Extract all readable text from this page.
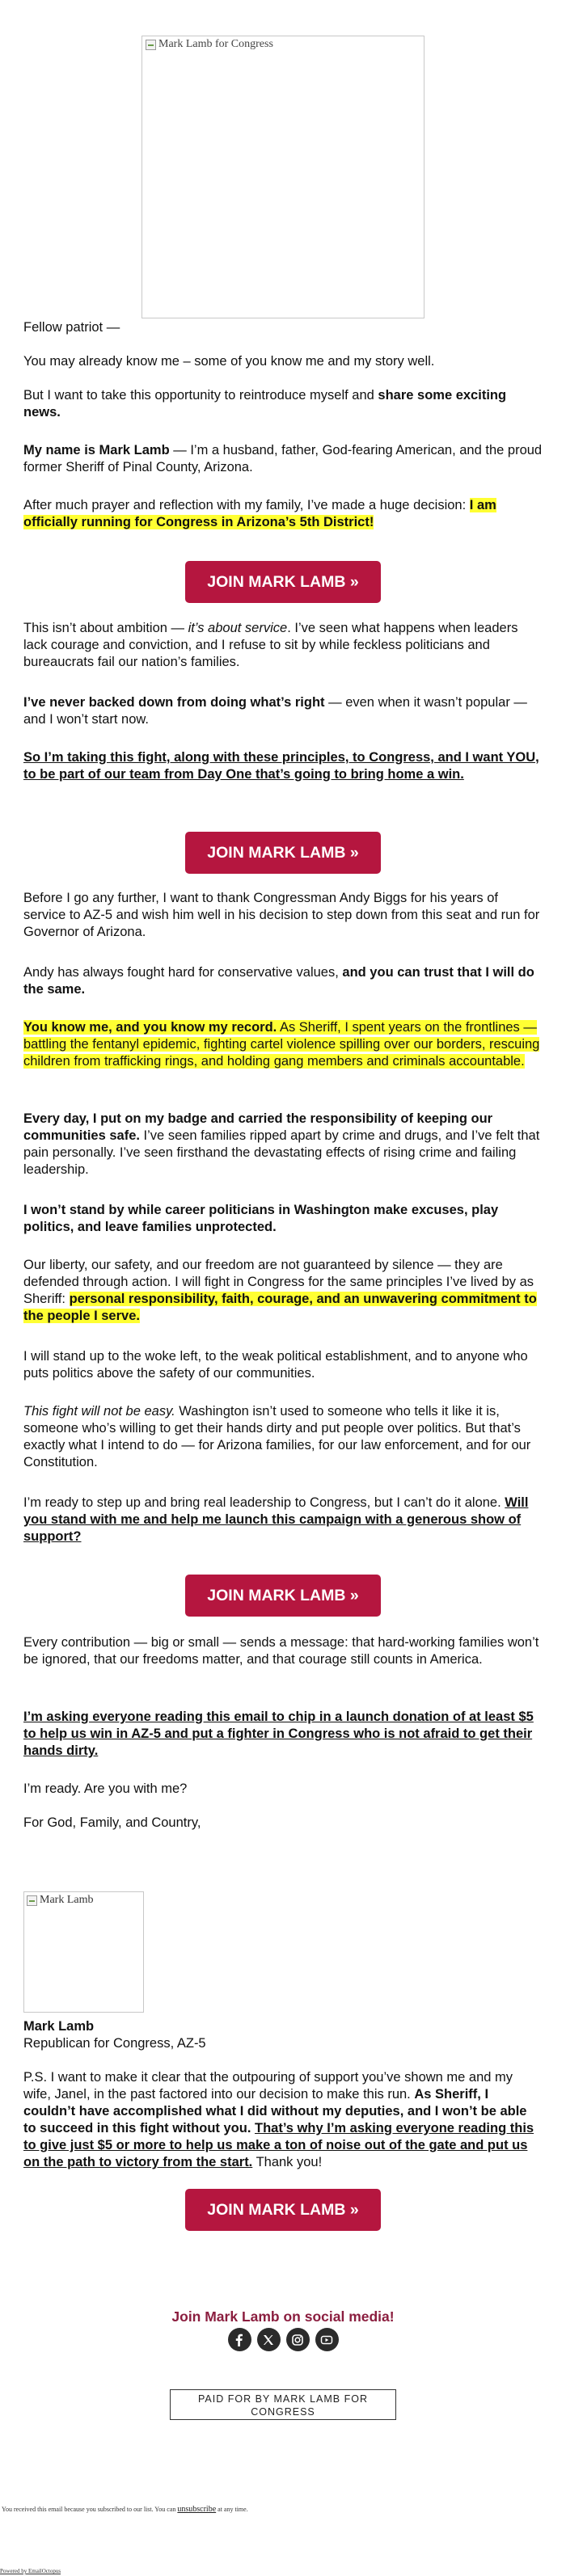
Mark Lamb for Congress

Fellow patriot —

You may already know me – some of you know me and my story well.

But I want to take this opportunity to reintroduce myself and share some exciting news.

My name is Mark Lamb — I’m a husband, father, God-fearing American, and the proud former Sheriff of Pinal County, Arizona.

After much prayer and reflection with my family, I’ve made a huge decision: I am officially running for Congress in Arizona’s 5th District!

JOIN MARK LAMB »

This isn’t about ambition — it’s about service. I’ve seen what happens when leaders lack courage and conviction, and I refuse to sit by while feckless politicians and bureaucrats fail our nation’s families.

I’ve never backed down from doing what’s right — even when it wasn’t popular — and I won’t start now.

So I’m taking this fight, along with these principles, to Congress, and I want YOU, to be part of our team from Day One that’s going to bring home a win.

JOIN MARK LAMB »

Before I go any further, I want to thank Congressman Andy Biggs for his years of service to AZ-5 and wish him well in his decision to step down from this seat and run for Governor of Arizona.

Andy has always fought hard for conservative values, and you can trust that I will do the same.

You know me, and you know my record. As Sheriff, I spent years on the frontlines — battling the fentanyl epidemic, fighting cartel violence spilling over our borders, rescuing children from trafficking rings, and holding gang members and criminals accountable.

Every day, I put on my badge and carried the responsibility of keeping our communities safe. I’ve seen families ripped apart by crime and drugs, and I’ve felt that pain personally. I’ve seen firsthand the devastating effects of rising crime and failing leadership.

I won’t stand by while career politicians in Washington make excuses, play politics, and leave families unprotected.

Our liberty, our safety, and our freedom are not guaranteed by silence — they are defended through action. I will fight in Congress for the same principles I’ve lived by as Sheriff: personal responsibility, faith, courage, and an unwavering commitment to the people I serve.

I will stand up to the woke left, to the weak political establishment, and to anyone who puts politics above the safety of our communities.

This fight will not be easy. Washington isn’t used to someone who tells it like it is, someone who’s willing to get their hands dirty and put people over politics. But that’s exactly what I intend to do — for Arizona families, for our law enforcement, and for our Constitution.

I’m ready to step up and bring real leadership to Congress, but I can’t do it alone. Will you stand with me and help me launch this campaign with a generous show of support?

JOIN MARK LAMB »

Every contribution — big or small — sends a message: that hard-working families won’t be ignored, that our freedoms matter, and that courage still counts in America.

I’m asking everyone reading this email to chip in a launch donation of at least $5 to help us win in AZ-5 and put a fighter in Congress who is not afraid to get their hands dirty.

I’m ready. Are you with me?

For God, Family, and Country,

Mark Lamb

Mark Lamb

Republican for Congress, AZ-5

P.S. I want to make it clear that the outpouring of support you’ve shown me and my wife, Janel, in the past factored into our decision to make this run. As Sheriff, I couldn’t have accomplished what I did without my deputies, and I won’t be able to succeed in this fight without you. That’s why I’m asking everyone reading this to give just $5 or more to help us make a ton of noise out of the gate and put us on the path to victory from the start. Thank you!

JOIN MARK LAMB »
Join Mark Lamb on social media!
PAID FOR BY MARK LAMB FOR CONGRESS
You received this email because you subscribed to our list. You can unsubscribe at any time.
Powered by EmailOctopus
